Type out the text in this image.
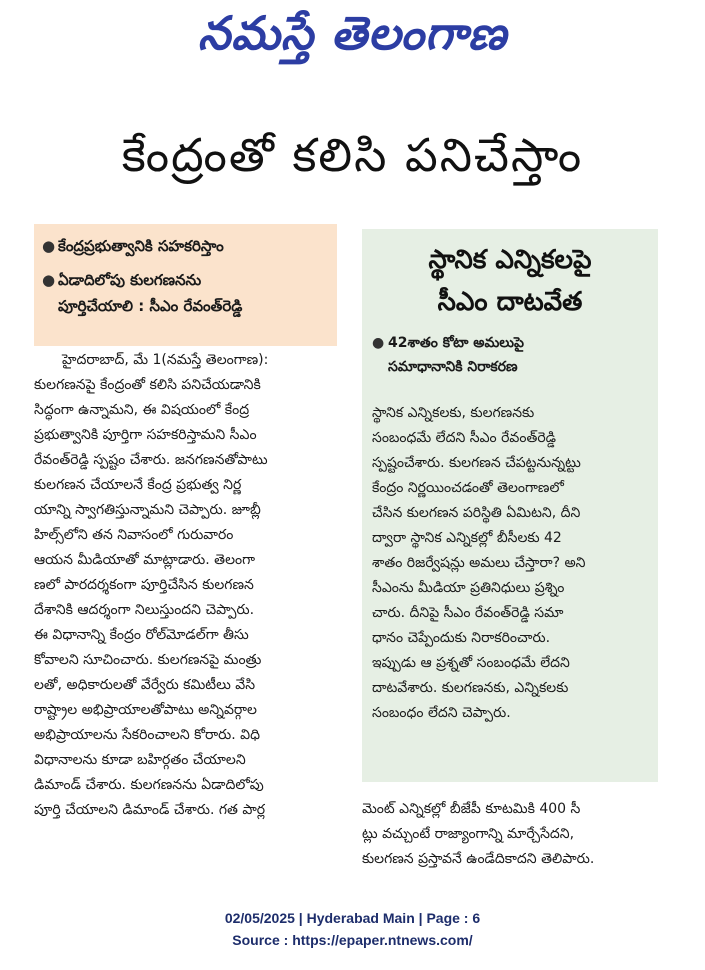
నమస్తే తెలంగాణ
కేంద్రంతో కలిసి పనిచేస్తాం
● కేంద్రప్రభుత్వానికి సహకరిస్తాం
● ఏడాదిలోపు కులగణనను
పూర్తిచేయాలి : సీఎం రేవంత్‌రెడ్డి
స్థానిక ఎన్నికలపై
సీఎం దాటవేత
● 42శాతం కోటా అమలుపై
సమాధానానికి నిరాకరణ
స్థానిక ఎన్నికలకు, కులగణనకు
సంబంధమే లేదని సీఎం రేవంత్‌రెడ్డి
స్పష్టంచేశారు. కులగణన చేపట్టనున్నట్టు
కేంద్రం నిర్ణయించడంతో తెలంగాణలో
చేసిన కులగణన పరిస్థితి ఏమిటని, దీని
ద్వారా స్థానిక ఎన్నికల్లో బీసీలకు 42
శాతం రిజర్వేషన్లు అమలు చేస్తారా? అని
సీఎంను మీడియా ప్రతినిధులు ప్రశ్నిం
చారు. దీనిపై సీఎం రేవంత్‌రెడ్డి సమా
ధానం చెప్పేందుకు నిరాకరించారు.
ఇప్పుడు ఆ ప్రశ్నతో సంబంధమే లేదని
దాటవేశారు. కులగణనకు, ఎన్నికలకు
సంబంధం లేదని చెప్పారు.
హైదరాబాద్, మే 1(నమస్తే తెలంగాణ):
కులగణనపై కేంద్రంతో కలిసి పనిచేయడానికి
సిద్ధంగా ఉన్నామని, ఈ విషయంలో కేంద్ర
ప్రభుత్వానికి పూర్తిగా సహకరిస్తామని సీఎం
రేవంత్‌రెడ్డి స్పష్టం చేశారు. జనగణనతోపాటు
కులగణన చేయాలనే కేంద్ర ప్రభుత్వ నిర్ణ
యాన్ని స్వాగతిస్తున్నామని చెప్పారు. జూబ్లీ
హిల్స్‌లోని తన నివాసంలో గురువారం
ఆయన మీడియాతో మాట్లాడారు. తెలంగా
ణలో పారదర్శకంగా పూర్తిచేసిన కులగణన
దేశానికి ఆదర్శంగా నిలుస్తుందని చెప్పారు.
ఈ విధానాన్ని కేంద్రం రోల్‌మోడల్‌గా తీసు
కోవాలని సూచించారు. కులగణనపై మంత్రు
లతో, అధికారులతో వేర్వేరు కమిటీలు వేసి
రాష్ట్రాల అభిప్రాయాలతోపాటు అన్నివర్గాల
అభిప్రాయాలను సేకరించాలని కోరారు. విధి
విధానాలను కూడా బహిర్గతం చేయాలని
డిమాండ్ చేశారు. కులగణనను ఏడాదిలోపు
పూర్తి చేయాలని డిమాండ్ చేశారు. గత పార్ల	మెంట్ ఎన్నికల్లో బీజేపీ కూటమికి 400 సీ
ట్లు వచ్చుంటే రాజ్యాంగాన్ని మార్చేసేదని,
కులగణన ప్రస్తావనే ఉండేదికాదని తెలిపారు.
02/05/2025 | Hyderabad Main | Page : 6
Source : https://epaper.ntnews.com/
